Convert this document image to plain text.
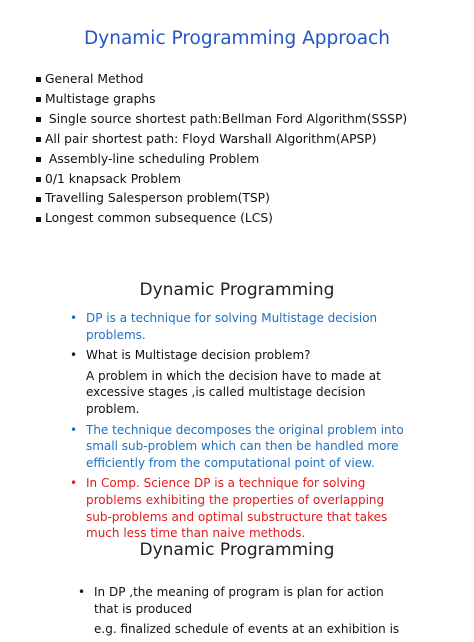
Dynamic Programming Approach
General Method
Multistage graphs
Single source shortest path:Bellman Ford Algorithm(SSSP)
All pair shortest path: Floyd Warshall Algorithm(APSP)
Assembly-line scheduling Problem
0/1 knapsack Problem
Travelling Salesperson problem(TSP)
Longest common subsequence (LCS)
Dynamic Programming
• DP is a technique for solving Multistage decision problems.
• What is Multistage decision problem?
A problem in which the decision have to made at excessive stages ,is called multistage decision problem.
• The technique decomposes the original problem into small sub-problem which can then be handled more efficiently from the computational point of view.
• In Comp. Science DP is a technique for solving problems exhibiting the properties of overlapping sub-problems and optimal substructure that takes much less time than naive methods.
Dynamic Programming
• In DP ,the meaning of program is plan for action that is produced
e.g. finalized schedule of events at an exhibition is
